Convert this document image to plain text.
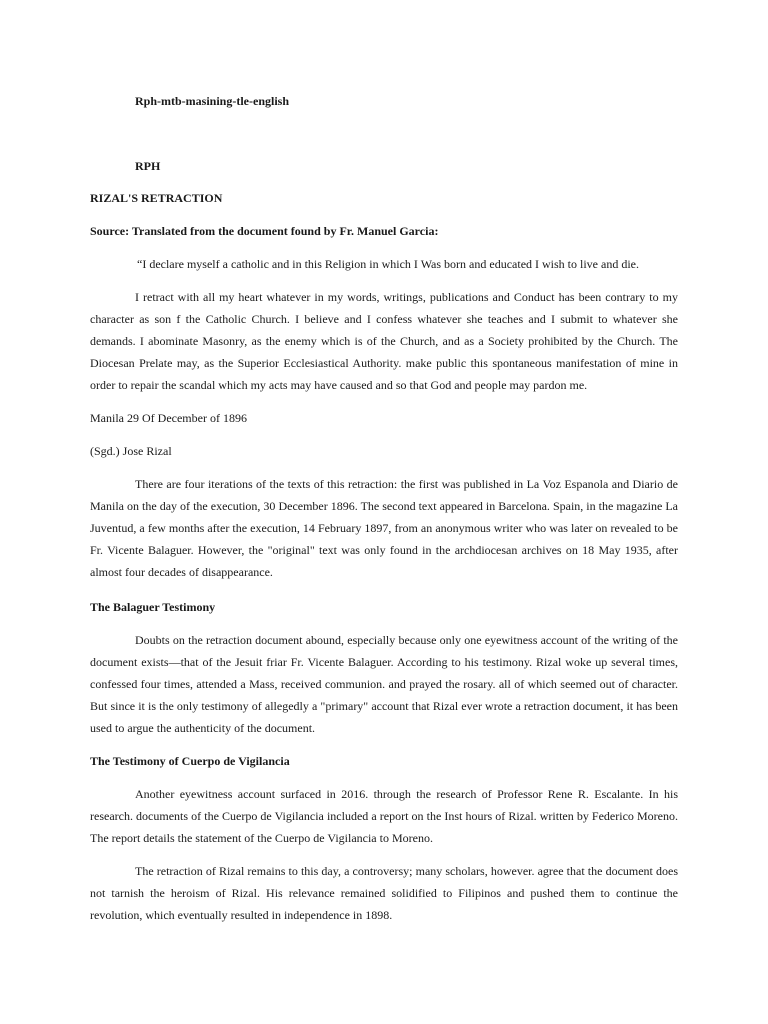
Rph-mtb-masining-tle-english
RPH
RIZAL'S RETRACTION
Source: Translated from the document found by Fr. Manuel Garcia:
“I declare myself a catholic and in this Religion in which I Was born and educated I wish to live and die.

I retract with all my heart whatever in my words, writings, publications and Conduct has been contrary to my character as son f the Catholic Church. I believe and I confess whatever she teaches and I submit to whatever she demands. I abominate Masonry, as the enemy which is of the Church, and as a Society prohibited by the Church. The Diocesan Prelate may, as the Superior Ecclesiastical Authority. make public this spontaneous manifestation of mine in order to repair the scandal which my acts may have caused and so that God and people may pardon me.

Manila 29 Of December of 1896
(Sgd.) Jose Rizal

There are four iterations of the texts of this retraction: the first was published in La Voz Espanola and Diario de Manila on the day of the execution, 30 December 1896. The second text appeared in Barcelona. Spain, in the magazine La Juventud, a few months after the execution, 14 February 1897, from an anonymous writer who was later on revealed to be Fr. Vicente Balaguer. However, the "original" text was only found in the archdiocesan archives on 18 May 1935, after almost four decades of disappearance.

The Balaguer Testimony

Doubts on the retraction document abound, especially because only one eyewitness account of the writing of the document exists—that of the Jesuit friar Fr. Vicente Balaguer. According to his testimony. Rizal woke up several times, confessed four times, attended a Mass, received communion. and prayed the rosary. all of which seemed out of character. But since it is the only testimony of allegedly a "primary" account that Rizal ever wrote a retraction document, it has been used to argue the authenticity of the document.

The Testimony of Cuerpo de Vigilancia

Another eyewitness account surfaced in 2016. through the research of Professor Rene R. Escalante. In his research. documents of the Cuerpo de Vigilancia included a report on the Inst hours of Rizal. written by Federico Moreno. The report details the statement of the Cuerpo de Vigilancia to Moreno.

The retraction of Rizal remains to this day, a controversy; many scholars, however. agree that the document does not tarnish the heroism of Rizal. His relevance remained solidified to Filipinos and pushed them to continue the revolution, which eventually resulted in independence in 1898.
